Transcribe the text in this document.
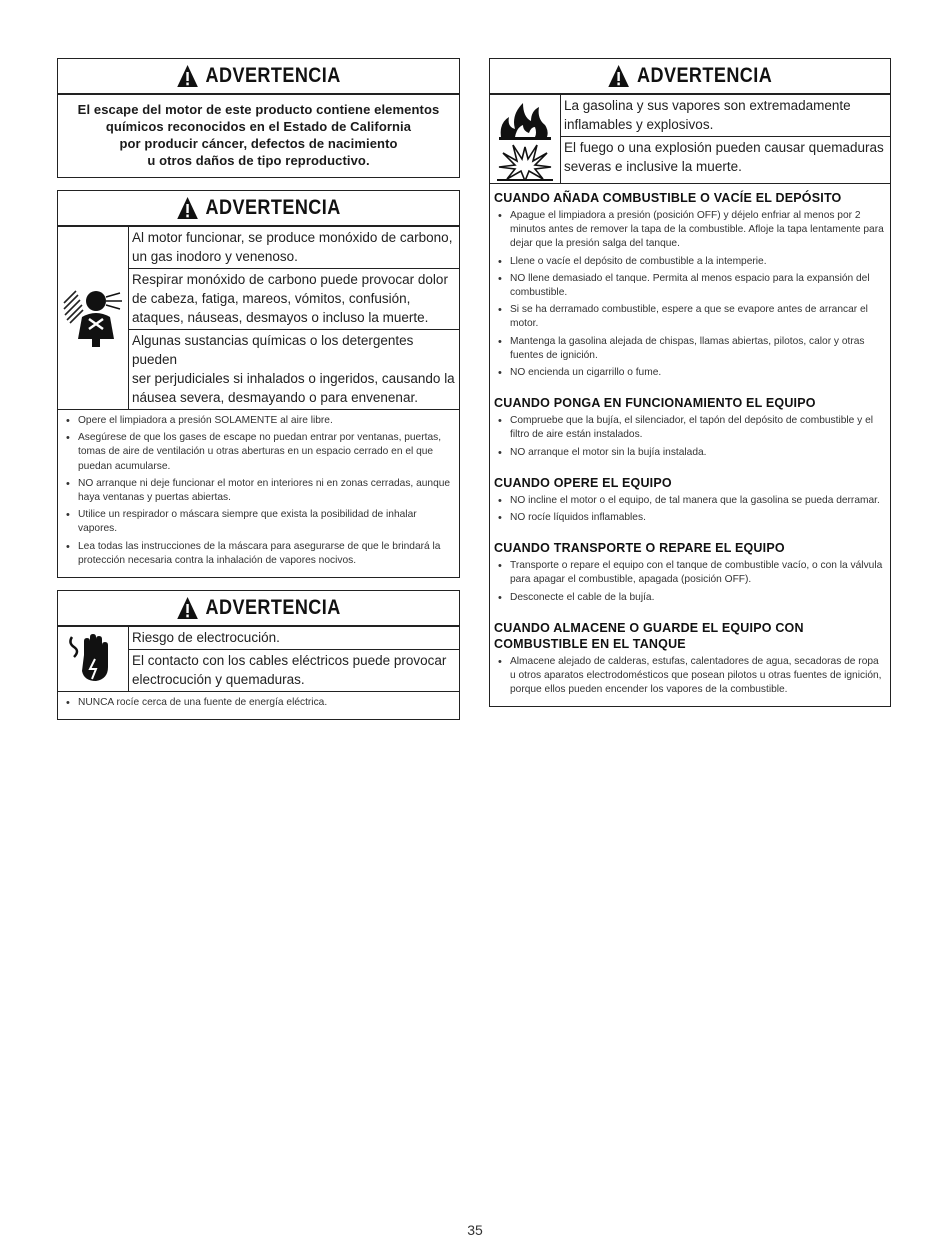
ADVERTENCIA
El escape del motor de este producto contiene elementos
químicos reconocidos en el Estado de California
por producir cáncer, defectos de nacimiento
u otros daños de tipo reproductivo.
ADVERTENCIA
Al motor funcionar, se produce monóxido de carbono,
un gas inodoro y venenoso.
Respirar monóxido de carbono puede provocar dolor
de cabeza, fatiga, mareos, vómitos, confusión,
ataques, náuseas, desmayos o incluso la muerte.
Algunas sustancias químicas o los detergentes pueden
ser perjudiciales si inhalados o ingeridos, causando la
náusea severa, desmayando o para envenenar.
• Opere el limpiadora a presión SOLAMENTE al aire libre.
• Asegúrese de que los gases de escape no puedan entrar por ventanas, puertas, tomas de aire de ventilación u otras aberturas en un espacio cerrado en el que puedan acumularse.
• NO arranque ni deje funcionar el motor en interiores ni en zonas cerradas, aunque haya ventanas y puertas abiertas.
• Utilice un respirador o máscara siempre que exista la posibilidad de inhalar vapores.
• Lea todas las instrucciones de la máscara para asegurarse de que le brindará la protección necesaria contra la inhalación de vapores nocivos.
ADVERTENCIA
Riesgo de electrocución.
El contacto con los cables eléctricos puede provocar
electrocución y quemaduras.
• NUNCA rocíe cerca de una fuente de energía eléctrica.
ADVERTENCIA
La gasolina y sus vapores son extremadamente
inflamables y explosivos.
El fuego o una explosión pueden causar quemaduras
severas e inclusive la muerte.
CUANDO AÑADA COMBUSTIBLE O VACÍE EL DEPÓSITO
• Apague el limpiadora a presión (posición OFF) y déjelo enfriar al menos por 2 minutos antes de remover la tapa de la combustible. Afloje la tapa lentamente para dejar que la presión salga del tanque.
• Llene o vacíe el depósito de combustible a la intemperie.
• NO llene demasiado el tanque. Permita al menos espacio para la expansión del combustible.
• Si se ha derramado combustible, espere a que se evapore antes de arrancar el motor.
• Mantenga la gasolina alejada de chispas, llamas abiertas, pilotos, calor y otras fuentes de ignición.
• NO encienda un cigarrillo o fume.
CUANDO PONGA EN FUNCIONAMIENTO EL EQUIPO
• Compruebe que la bujía, el silenciador, el tapón del depósito de combustible y el filtro de aire están instalados.
• NO arranque el motor sin la bujía instalada.
CUANDO OPERE EL EQUIPO
• NO incline el motor o el equipo, de tal manera que la gasolina se pueda derramar.
• NO rocíe líquidos inflamables.
CUANDO TRANSPORTE O REPARE EL EQUIPO
• Transporte o repare el equipo con el tanque de combustible vacío, o con la válvula para apagar el combustible, apagada (posición OFF).
• Desconecte el cable de la bujía.
CUANDO ALMACENE O GUARDE EL EQUIPO CON COMBUSTIBLE EN EL TANQUE
• Almacene alejado de calderas, estufas, calentadores de agua, secadoras de ropa u otros aparatos electrodomésticos que posean pilotos u otras fuentes de ignición, porque ellos pueden encender los vapores de la combustible.
35
